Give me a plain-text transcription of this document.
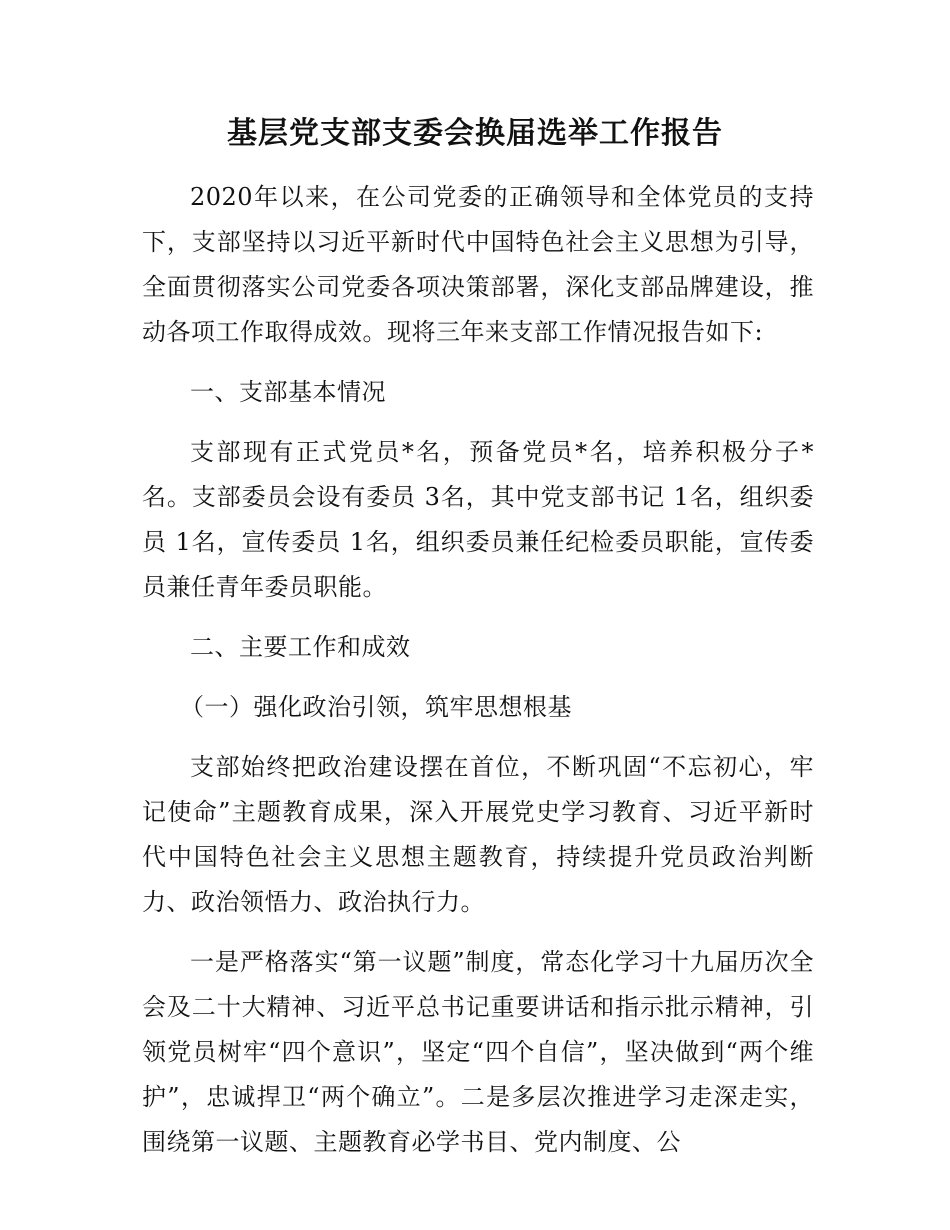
基层党支部支委会换届选举工作报告

2020年以来，在公司党委的正确领导和全体党员的支持下，支部坚持以习近平新时代中国特色社会主义思想为引导，全面贯彻落实公司党委各项决策部署，深化支部品牌建设，推动各项工作取得成效。现将三年来支部工作情况报告如下:

一、支部基本情况

支部现有正式党员*名，预备党员*名，培养积极分子*名。支部委员会设有委员 3名，其中党支部书记 1名，组织委员 1名，宣传委员 1名，组织委员兼任纪检委员职能，宣传委员兼任青年委员职能。

二、主要工作和成效

（一）强化政治引领，筑牢思想根基

支部始终把政治建设摆在首位，不断巩固“不忘初心，牢记使命”主题教育成果，深入开展党史学习教育、习近平新时代中国特色社会主义思想主题教育，持续提升党员政治判断力、政治领悟力、政治执行力。

一是严格落实“第一议题”制度，常态化学习十九届历次全会及二十大精神、习近平总书记重要讲话和指示批示精神，引领党员树牢“四个意识”，坚定“四个自信”，坚决做到“两个维护”，忠诚捍卫“两个确立”。二是多层次推进学习走深走实，围绕第一议题、主题教育必学书目、党内制度、公
